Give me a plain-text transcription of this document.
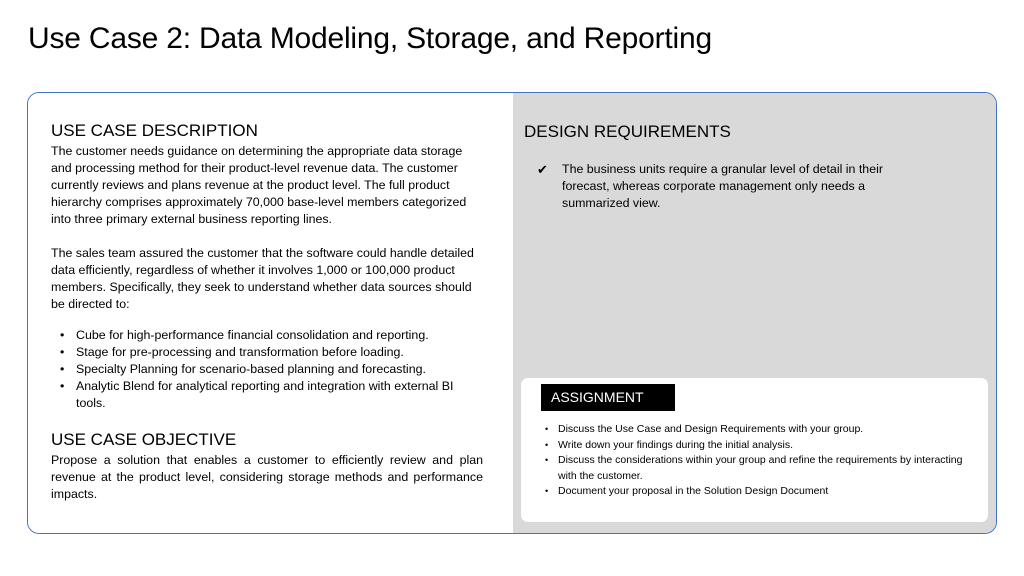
Use Case 2: Data Modeling, Storage, and Reporting
USE CASE DESCRIPTION

The customer needs guidance on determining the appropriate data storage and processing method for their product-level revenue data. The customer currently reviews and plans revenue at the product level. The full product hierarchy comprises approximately 70,000 base-level members categorized into three primary external business reporting lines.

The sales team assured the customer that the software could handle detailed data efficiently, regardless of whether it involves 1,000 or 100,000 product members. Specifically, they seek to understand whether data sources should be directed to:

• Cube for high-performance financial consolidation and reporting.
• Stage for pre-processing and transformation before loading.
• Specialty Planning for scenario-based planning and forecasting.
• Analytic Blend for analytical reporting and integration with external BI tools.
USE CASE OBJECTIVE
Propose a solution that enables a customer to efficiently review and plan revenue at the product level, considering storage methods and performance impacts.
DESIGN REQUIREMENTS
✔	The business units require a granular level of detail in their forecast, whereas corporate management only needs a summarized view.
ASSIGNMENT
• Discuss the Use Case and Design Requirements with your group.
• Write down your findings during the initial analysis.
• Discuss the considerations within your group and refine the requirements by interacting with the customer.
• Document your proposal in the Solution Design Document
